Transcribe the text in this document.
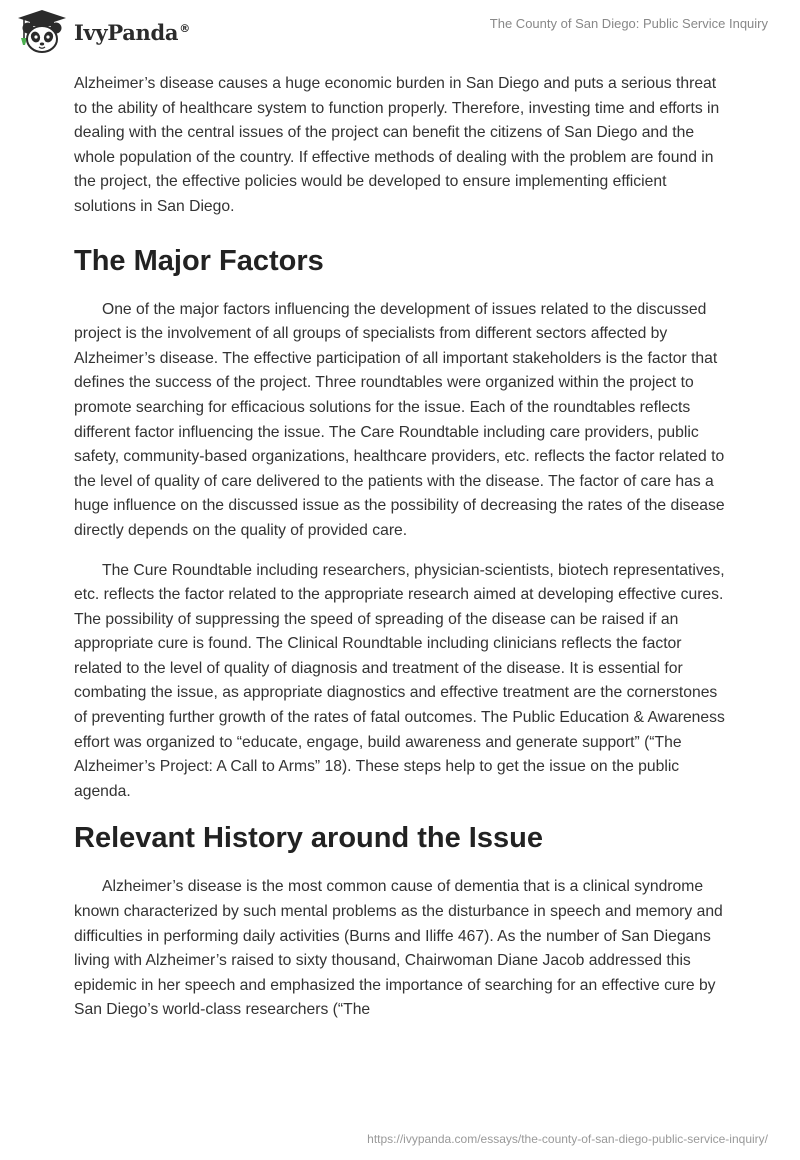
IvyPanda®	The County of San Diego: Public Service Inquiry

Alzheimer’s disease causes a huge economic burden in San Diego and puts a serious threat to the ability of healthcare system to function properly. Therefore, investing time and efforts in dealing with the central issues of the project can benefit the citizens of San Diego and the whole population of the country. If effective methods of dealing with the problem are found in the project, the effective policies would be developed to ensure implementing efficient solutions in San Diego.

The Major Factors

One of the major factors influencing the development of issues related to the discussed project is the involvement of all groups of specialists from different sectors affected by Alzheimer’s disease. The effective participation of all important stakeholders is the factor that defines the success of the project. Three roundtables were organized within the project to promote searching for efficacious solutions for the issue. Each of the roundtables reflects different factor influencing the issue. The Care Roundtable including care providers, public safety, community-based organizations, healthcare providers, etc. reflects the factor related to the level of quality of care delivered to the patients with the disease. The factor of care has a huge influence on the discussed issue as the possibility of decreasing the rates of the disease directly depends on the quality of provided care.

The Cure Roundtable including researchers, physician-scientists, biotech representatives, etc. reflects the factor related to the appropriate research aimed at developing effective cures. The possibility of suppressing the speed of spreading of the disease can be raised if an appropriate cure is found. The Clinical Roundtable including clinicians reflects the factor related to the level of quality of diagnosis and treatment of the disease. It is essential for combating the issue, as appropriate diagnostics and effective treatment are the cornerstones of preventing further growth of the rates of fatal outcomes. The Public Education & Awareness effort was organized to “educate, engage, build awareness and generate support” (“The Alzheimer’s Project: A Call to Arms” 18). These steps help to get the issue on the public agenda.

Relevant History around the Issue

Alzheimer’s disease is the most common cause of dementia that is a clinical syndrome known characterized by such mental problems as the disturbance in speech and memory and difficulties in performing daily activities (Burns and Iliffe 467). As the number of San Diegans living with Alzheimer’s raised to sixty thousand, Chairwoman Diane Jacob addressed this epidemic in her speech and emphasized the importance of searching for an effective cure by San Diego’s world-class researchers (“The

https://ivypanda.com/essays/the-county-of-san-diego-public-service-inquiry/
